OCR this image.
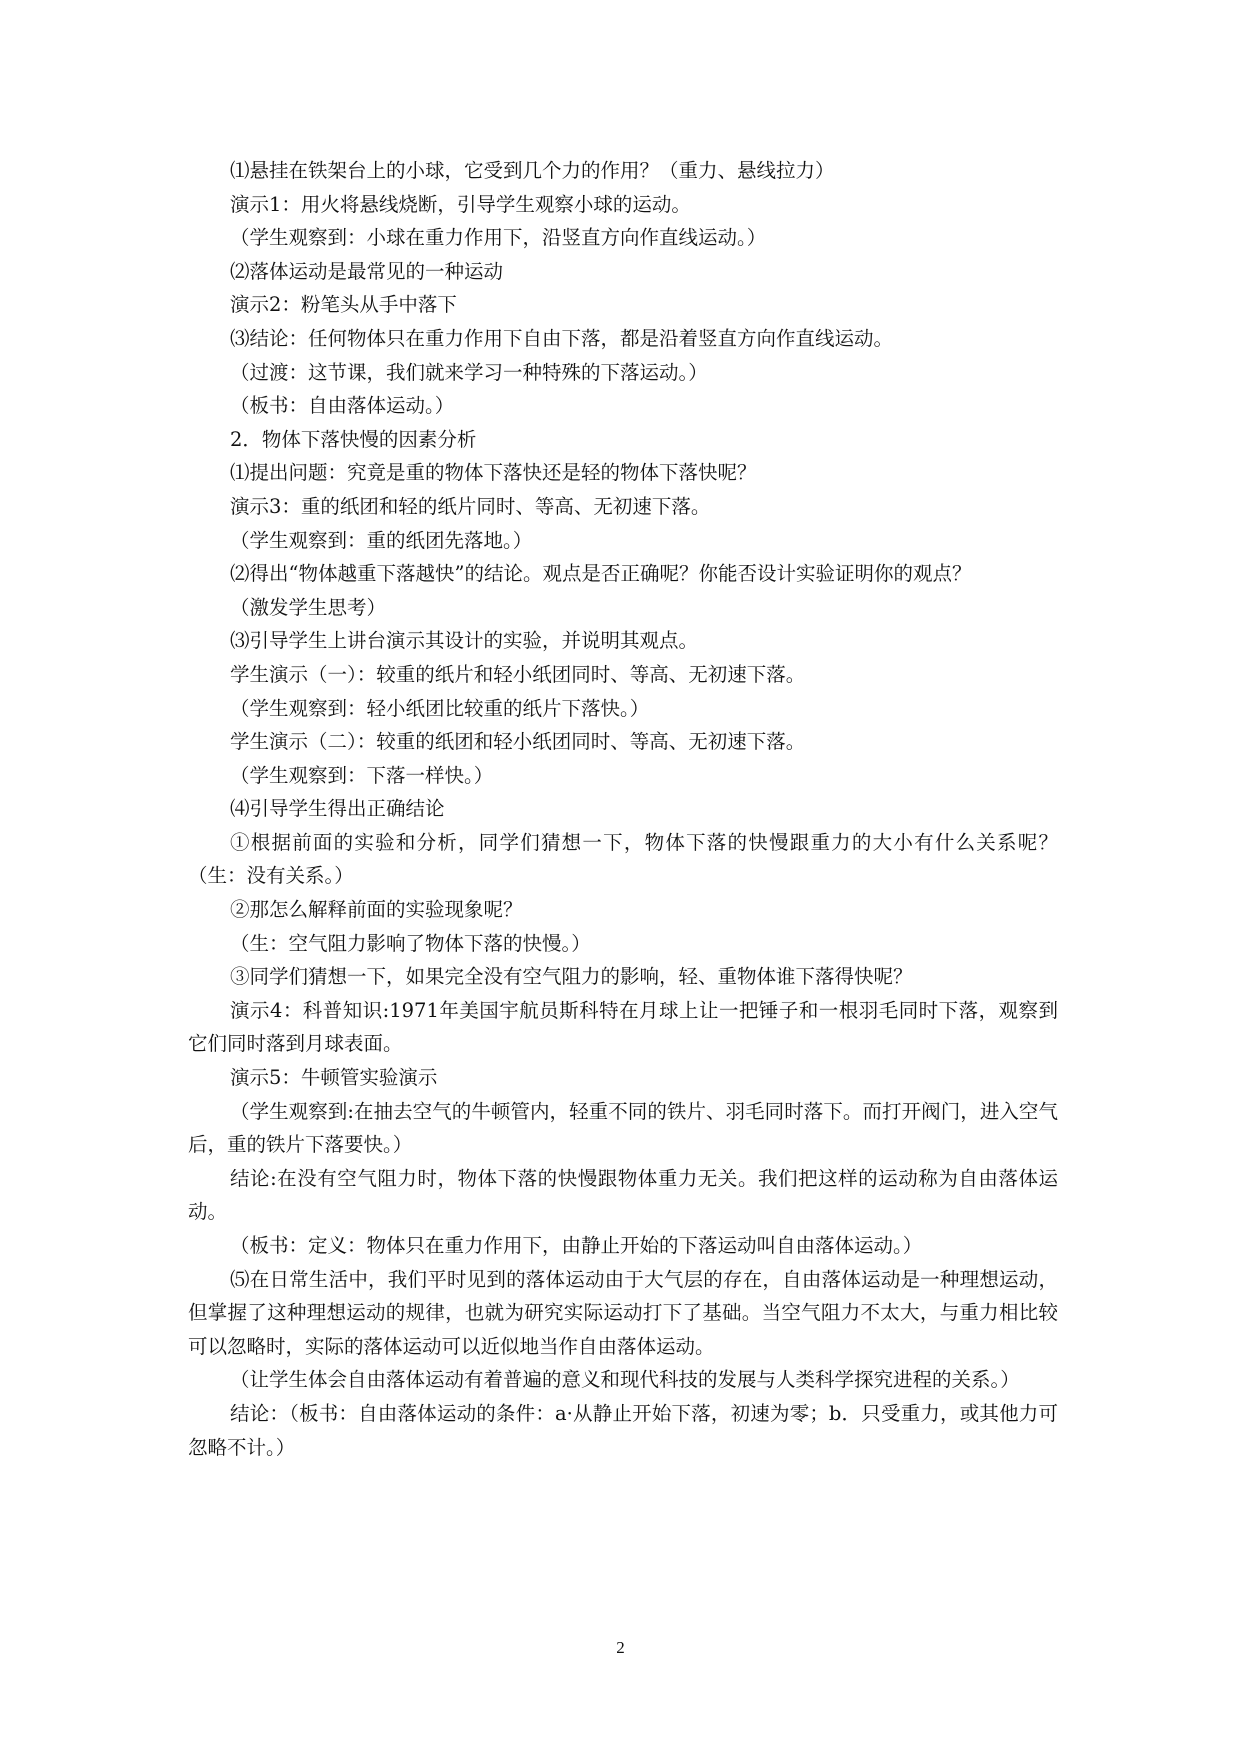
⑴悬挂在铁架台上的小球，它受到几个力的作用？（重力、悬线拉力）

演示1：用火将悬线烧断，引导学生观察小球的运动。

（学生观察到：小球在重力作用下，沿竖直方向作直线运动。）

⑵落体运动是最常见的一种运动

演示2：粉笔头从手中落下

⑶结论：任何物体只在重力作用下自由下落，都是沿着竖直方向作直线运动。

（过渡：这节课，我们就来学习一种特殊的下落运动。）

（板书：自由落体运动。）

2．物体下落快慢的因素分析

⑴提出问题：究竟是重的物体下落快还是轻的物体下落快呢？

演示3：重的纸团和轻的纸片同时、等高、无初速下落。

（学生观察到：重的纸团先落地。）

⑵得出“物体越重下落越快”的结论。观点是否正确呢？你能否设计实验证明你的观点？

（激发学生思考）

⑶引导学生上讲台演示其设计的实验，并说明其观点。

学生演示（一）：较重的纸片和轻小纸团同时、等高、无初速下落。

（学生观察到：轻小纸团比较重的纸片下落快。）

学生演示（二）：较重的纸团和轻小纸团同时、等高、无初速下落。

（学生观察到：下落一样快。）

⑷引导学生得出正确结论

①根据前面的实验和分析，同学们猜想一下，物体下落的快慢跟重力的大小有什么关系呢？（生：没有关系。）

②那怎么解释前面的实验现象呢？

（生：空气阻力影响了物体下落的快慢。）

③同学们猜想一下，如果完全没有空气阻力的影响，轻、重物体谁下落得快呢？

演示4：科普知识:1971年美国宇航员斯科特在月球上让一把锤子和一根羽毛同时下落，观察到它们同时落到月球表面。

演示5：牛顿管实验演示

（学生观察到:在抽去空气的牛顿管内，轻重不同的铁片、羽毛同时落下。而打开阀门，进入空气后，重的铁片下落要快。）

结论:在没有空气阻力时，物体下落的快慢跟物体重力无关。我们把这样的运动称为自由落体运动。

（板书：定义：物体只在重力作用下，由静止开始的下落运动叫自由落体运动。）

⑸在日常生活中，我们平时见到的落体运动由于大气层的存在，自由落体运动是一种理想运动，但掌握了这种理想运动的规律，也就为研究实际运动打下了基础。当空气阻力不太大，与重力相比较可以忽略时，实际的落体运动可以近似地当作自由落体运动。

（让学生体会自由落体运动有着普遍的意义和现代科技的发展与人类科学探究进程的关系。）

结论：（板书：自由落体运动的条件：a·从静止开始下落，初速为零；b．只受重力，或其他力可忽略不计。）

2
